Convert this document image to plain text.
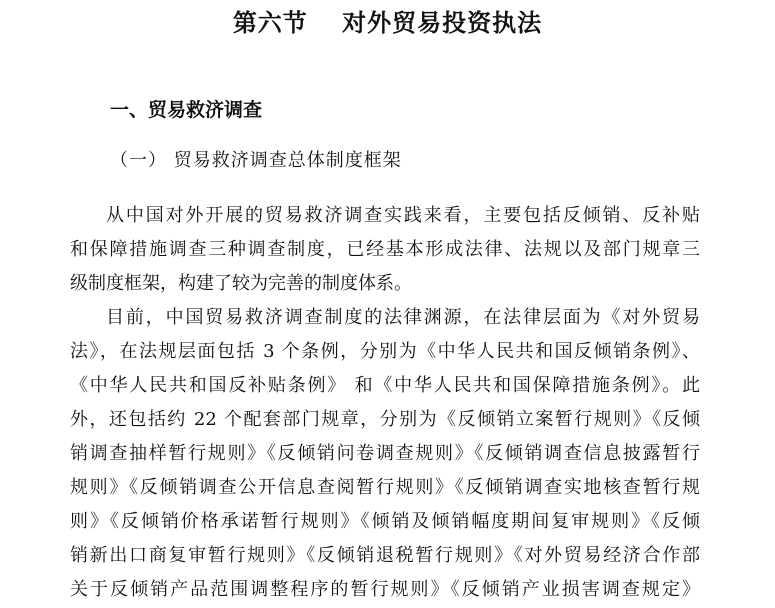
第六节　 对外贸易投资执法
一、贸易救济调查
（一） 贸易救济调查总体制度框架
从中国对外开展的贸易救济调查实践来看，主要包括反倾销、反补贴
和保障措施调查三种调查制度，已经基本形成法律、法规以及部门规章三
级制度框架，构建了较为完善的制度体系。
目前，中国贸易救济调查制度的法律渊源，在法律层面为《对外贸易
法》，在法规层面包括 3 个条例，分别为《中华人民共和国反倾销条例》、
《中华人民共和国反补贴条例》 和《中华人民共和国保障措施条例》。此
外，还包括约 22 个配套部门规章，分别为《反倾销立案暂行规则》《反倾
销调查抽样暂行规则》《反倾销问卷调查规则》《反倾销调查信息披露暂行
规则》《反倾销调查公开信息查阅暂行规则》《反倾销调查实地核查暂行规
则》《反倾销价格承诺暂行规则》《倾销及倾销幅度期间复审规则》《反倾
销新出口商复审暂行规则》《反倾销退税暂行规则》《对外贸易经济合作部
关于反倾销产品范围调整程序的暂行规则》《反倾销产业损害调查规定》
